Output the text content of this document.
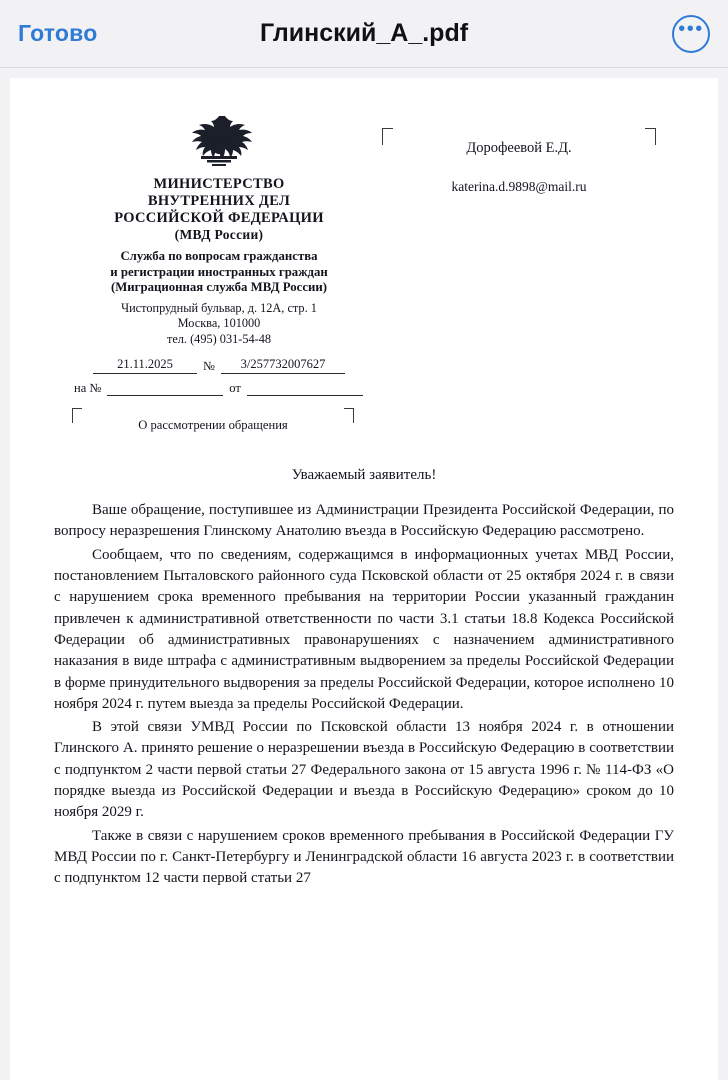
Готово	Глинский_А_.pdf	•••
МИНИСТЕРСТВО
ВНУТРЕННИХ ДЕЛ
РОССИЙСКОЙ ФЕДЕРАЦИИ
(МВД России)
Служба по вопросам гражданства
и регистрации иностранных граждан
(Миграционная служба МВД России)
Чистопрудный бульвар, д. 12А, стр. 1
Москва, 101000
тел. (495) 031-54-48
Дорофеевой Е.Д.
katerina.d.9898@mail.ru
21.11.2025	№	3/257732007627
на №	от
О рассмотрении обращения
Уважаемый заявитель!

Ваше обращение, поступившее из Администрации Президента Российской Федерации, по вопросу неразрешения Глинскому Анатолию въезда в Российскую Федерацию рассмотрено.

Сообщаем, что по сведениям, содержащимся в информационных учетах МВД России, постановлением Пыталовского районного суда Псковской области от 25 октября 2024 г. в связи с нарушением срока временного пребывания на территории России указанный гражданин привлечен к административной ответственности по части 3.1 статьи 18.8 Кодекса Российской Федерации об административных правонарушениях с назначением административного наказания в виде штрафа с административным выдворением за пределы Российской Федерации в форме принудительного выдворения за пределы Российской Федерации, которое исполнено 10 ноября 2024 г. путем выезда за пределы Российской Федерации.

В этой связи УМВД России по Псковской области 13 ноября 2024 г. в отношении Глинского А. принято решение о неразрешении въезда в Российскую Федерацию в соответствии с подпунктом 2 части первой статьи 27 Федерального закона от 15 августа 1996 г. № 114-ФЗ «О порядке выезда из Российской Федерации и въезда в Российскую Федерацию» сроком до 10 ноября 2029 г.

Также в связи с нарушением сроков временного пребывания в Российской Федерации ГУ МВД России по г. Санкт-Петербургу и Ленинградской области 16 августа 2023 г. в соответствии с подпунктом 12 части первой статьи 27
